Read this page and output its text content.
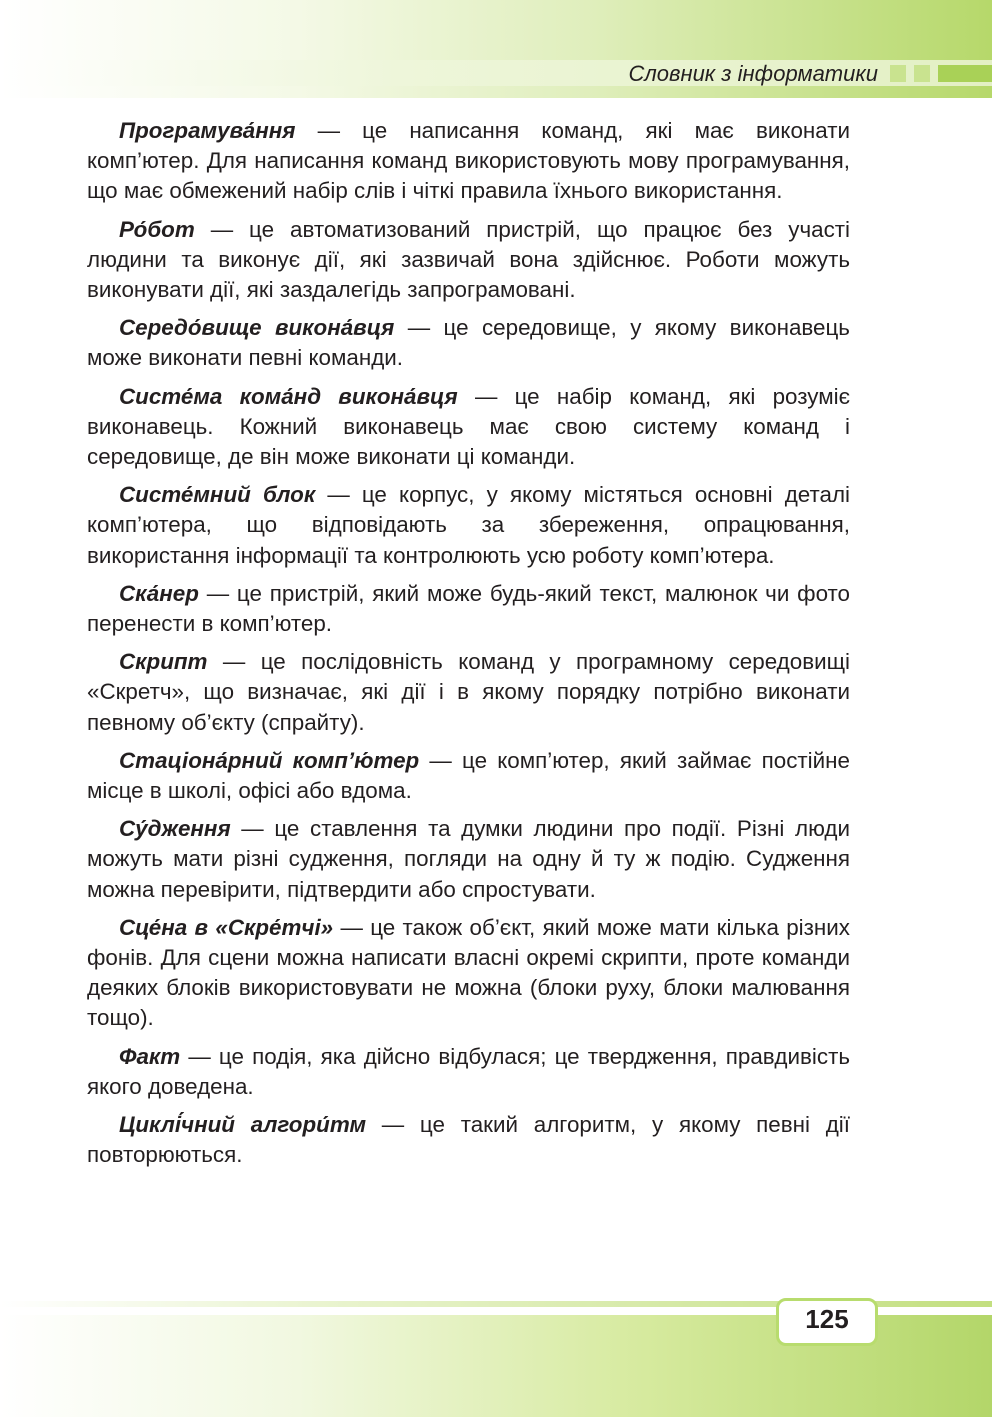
Словник з інформатики

Програмува́ння — це написання команд, які має виконати комп’ютер. Для написання команд використовують мову програмування, що має обмежений набір слів і чіткі правила їхнього використання.

Ро́бот — це автоматизований пристрій, що працює без участі людини та виконує дії, які зазвичай вона здійснює. Роботи можуть виконувати дії, які заздалегідь запрограмовані.

Середо́вище викона́вця — це середовище, у якому виконавець може виконати певні команди.

Систе́ма кома́нд викона́вця — це набір команд, які розуміє виконавець. Кожний виконавець має свою систему команд і середовище, де він може виконати ці команди.

Систе́мний блок — це корпус, у якому містяться основні деталі комп’ютера, що відповідають за збереження, опрацювання, використання інформації та контролюють усю роботу комп’ютера.

Ска́нер — це пристрій, який може будь-який текст, малюнок чи фото перенести в комп’ютер.

Скрипт — це послідовність команд у програмному середовищі «Скретч», що визначає, які дії і в якому порядку потрібно виконати певному об’єкту (спрайту).

Стаціона́рний комп’ю́тер — це комп’ютер, який займає постійне місце в школі, офісі або вдома.

Су́дження — це ставлення та думки людини про події. Різні люди можуть мати різні судження, погляди на одну й ту ж подію. Судження можна перевірити, підтвердити або спростувати.

Сце́на в «Скре́тчі» — це також об’єкт, який може мати кілька різних фонів. Для сцени можна написати власні окремі скрипти, проте команди деяких блоків використовувати не можна (блоки руху, блоки малювання тощо).

Факт — це подія, яка дійсно відбулася; це твердження, правдивість якого доведена.

Циклі́чний алгори́тм — це такий алгоритм, у якому певні дії повторюються.

125
